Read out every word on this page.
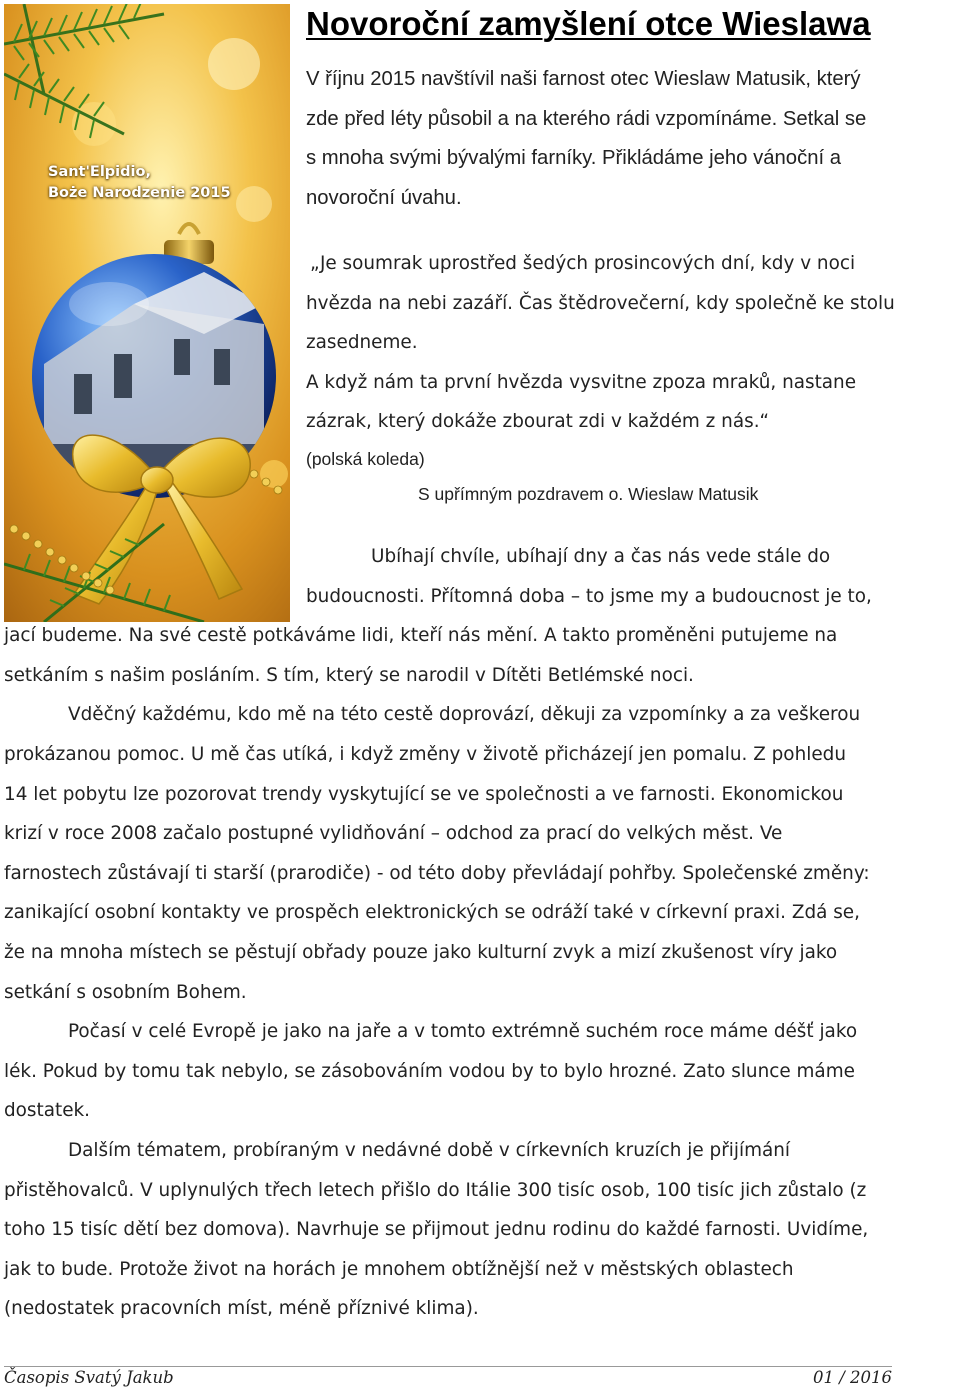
Sant'Elpidio,
Boże Narodzenie 2015
Novoroční zamyšlení otce Wieslawa
V říjnu 2015 navštívil naši farnost otec Wieslaw Matusik, který
zde před léty působil a na kterého rádi vzpomínáme. Setkal se
s mnoha svými bývalými farníky. Přikládáme jeho vánoční a
novoroční úvahu.
„Je soumrak uprostřed šedých prosincových dní, kdy v noci
hvězda na nebi zazáří. Čas štědrovečerní, kdy společně ke stolu
zasedneme.
A když nám ta první hvězda vysvitne zpoza mraků, nastane
zázrak, který dokáže zbourat zdi v každém z nás.“
(polská koleda)
S upřímným pozdravem o. Wieslaw Matusik
Ubíhají chvíle, ubíhají dny a čas nás vede stále do
budoucnosti. Přítomná doba – to jsme my a budoucnost je to,
jací budeme. Na své cestě potkáváme lidi, kteří nás mění. A takto proměněni putujeme na
setkáním s našim posláním. S tím, který se narodil v Dítěti Betlémské noci.
Vděčný každému, kdo mě na této cestě doprovází, děkuji za vzpomínky a za veškerou
prokázanou pomoc. U mě čas utíká, i když změny v životě přicházejí jen pomalu. Z pohledu
14 let pobytu lze pozorovat trendy vyskytující se ve společnosti a ve farnosti. Ekonomickou
krizí v roce 2008 začalo postupné vylidňování – odchod za prací do velkých měst. Ve
farnostech zůstávají ti starší (prarodiče) - od této doby převládají pohřby. Společenské změny:
zanikající osobní kontakty ve prospěch elektronických se odráží také v církevní praxi. Zdá se,
že na mnoha místech se pěstují obřady pouze jako kulturní zvyk a mizí zkušenost víry jako
setkání s osobním Bohem.
Počasí v celé Evropě je jako na jaře a v tomto extrémně suchém roce máme déšť jako
lék. Pokud by tomu tak nebylo, se zásobováním vodou by to bylo hrozné. Zato slunce máme
dostatek.
Dalším tématem, probíraným v nedávné době v církevních kruzích je přijímání
přistěhovalců. V uplynulých třech letech přišlo do Itálie 300 tisíc osob, 100 tisíc jich zůstalo (z
toho 15 tisíc dětí bez domova). Navrhuje se přijmout jednu rodinu do každé farnosti. Uvidíme,
jak to bude. Protože život na horách je mnohem obtížnější než v městských oblastech
(nedostatek pracovních míst, méně příznivé klima).
Časopis Svatý Jakub	01 / 2016
